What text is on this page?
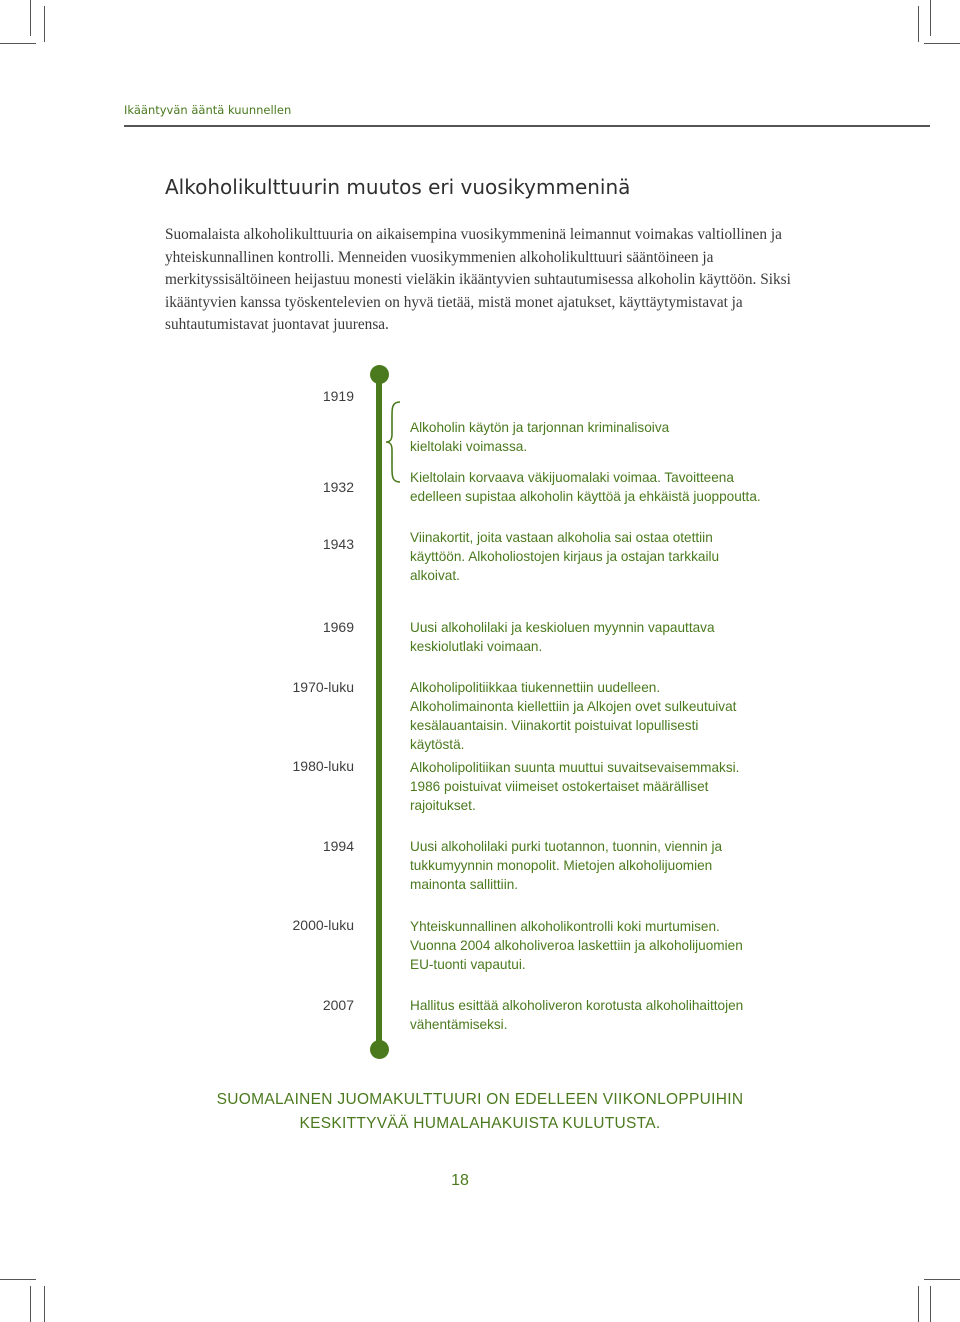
Ikääntyvän ääntä kuunnellen
Alkoholikulttuurin muutos eri vuosikymmeninä

Suomalaista alkoholikulttuuria on aikaisempina vuosikymmeninä leimannut voimakas valtiollinen ja yhteiskunnallinen kontrolli. Menneiden vuosikymmenien alkoholikulttuuri sääntöineen ja merkityssisältöineen heijastuu monesti vieläkin ikääntyvien suhtautumisessa alkoholin käyttöön. Siksi ikääntyvien kanssa työskentelevien on hyvä tietää, mistä monet ajatukset, käyttäytymistavat ja suhtautumistavat juontavat juurensa.

1919
1932
1943
1969
1970-luku
1980-luku
1994
2000-luku
2007

Alkoholin käytön ja tarjonnan kriminalisoiva kieltolaki voimassa.

Kieltolain korvaava väkijuomalaki voimaa. Tavoitteena edelleen supistaa alkoholin käyttöä ja ehkäistä juoppoutta.

Viinakortit, joita vastaan alkoholia sai ostaa otettiin käyttöön. Alkoholiostojen kirjaus ja ostajan tarkkailu alkoivat.

Uusi alkoholilaki ja keskioluen myynnin vapauttava keskiolutlaki voimaan.

Alkoholipolitiikkaa tiukennettiin uudelleen. Alkoholimainonta kiellettiin ja Alkojen ovet sulkeutuivat kesälauantaisin. Viinakortit poistuivat lopullisesti käytöstä.

Alkoholipolitiikan suunta muuttui suvaitsevaisemmaksi. 1986 poistuivat viimeiset ostokertaiset määrälliset rajoitukset.

Uusi alkoholilaki purki tuotannon, tuonnin, viennin ja tukkumyynnin monopolit. Mietojen alkoholijuomien mainonta sallittiin.

Yhteiskunnallinen alkoholikontrolli koki murtumisen. Vuonna 2004 alkoholiveroa laskettiin ja alkoholijuomien EU-tuonti vapautui.

Hallitus esittää alkoholiveron korotusta alkoholihaittojen vähentämiseksi.

SUOMALAINEN JUOMAKULTTUURI ON EDELLEEN VIIKONLOPPUIHIN KESKITTYVÄÄ HUMALAHAKUISTA KULUTUSTA.

18
